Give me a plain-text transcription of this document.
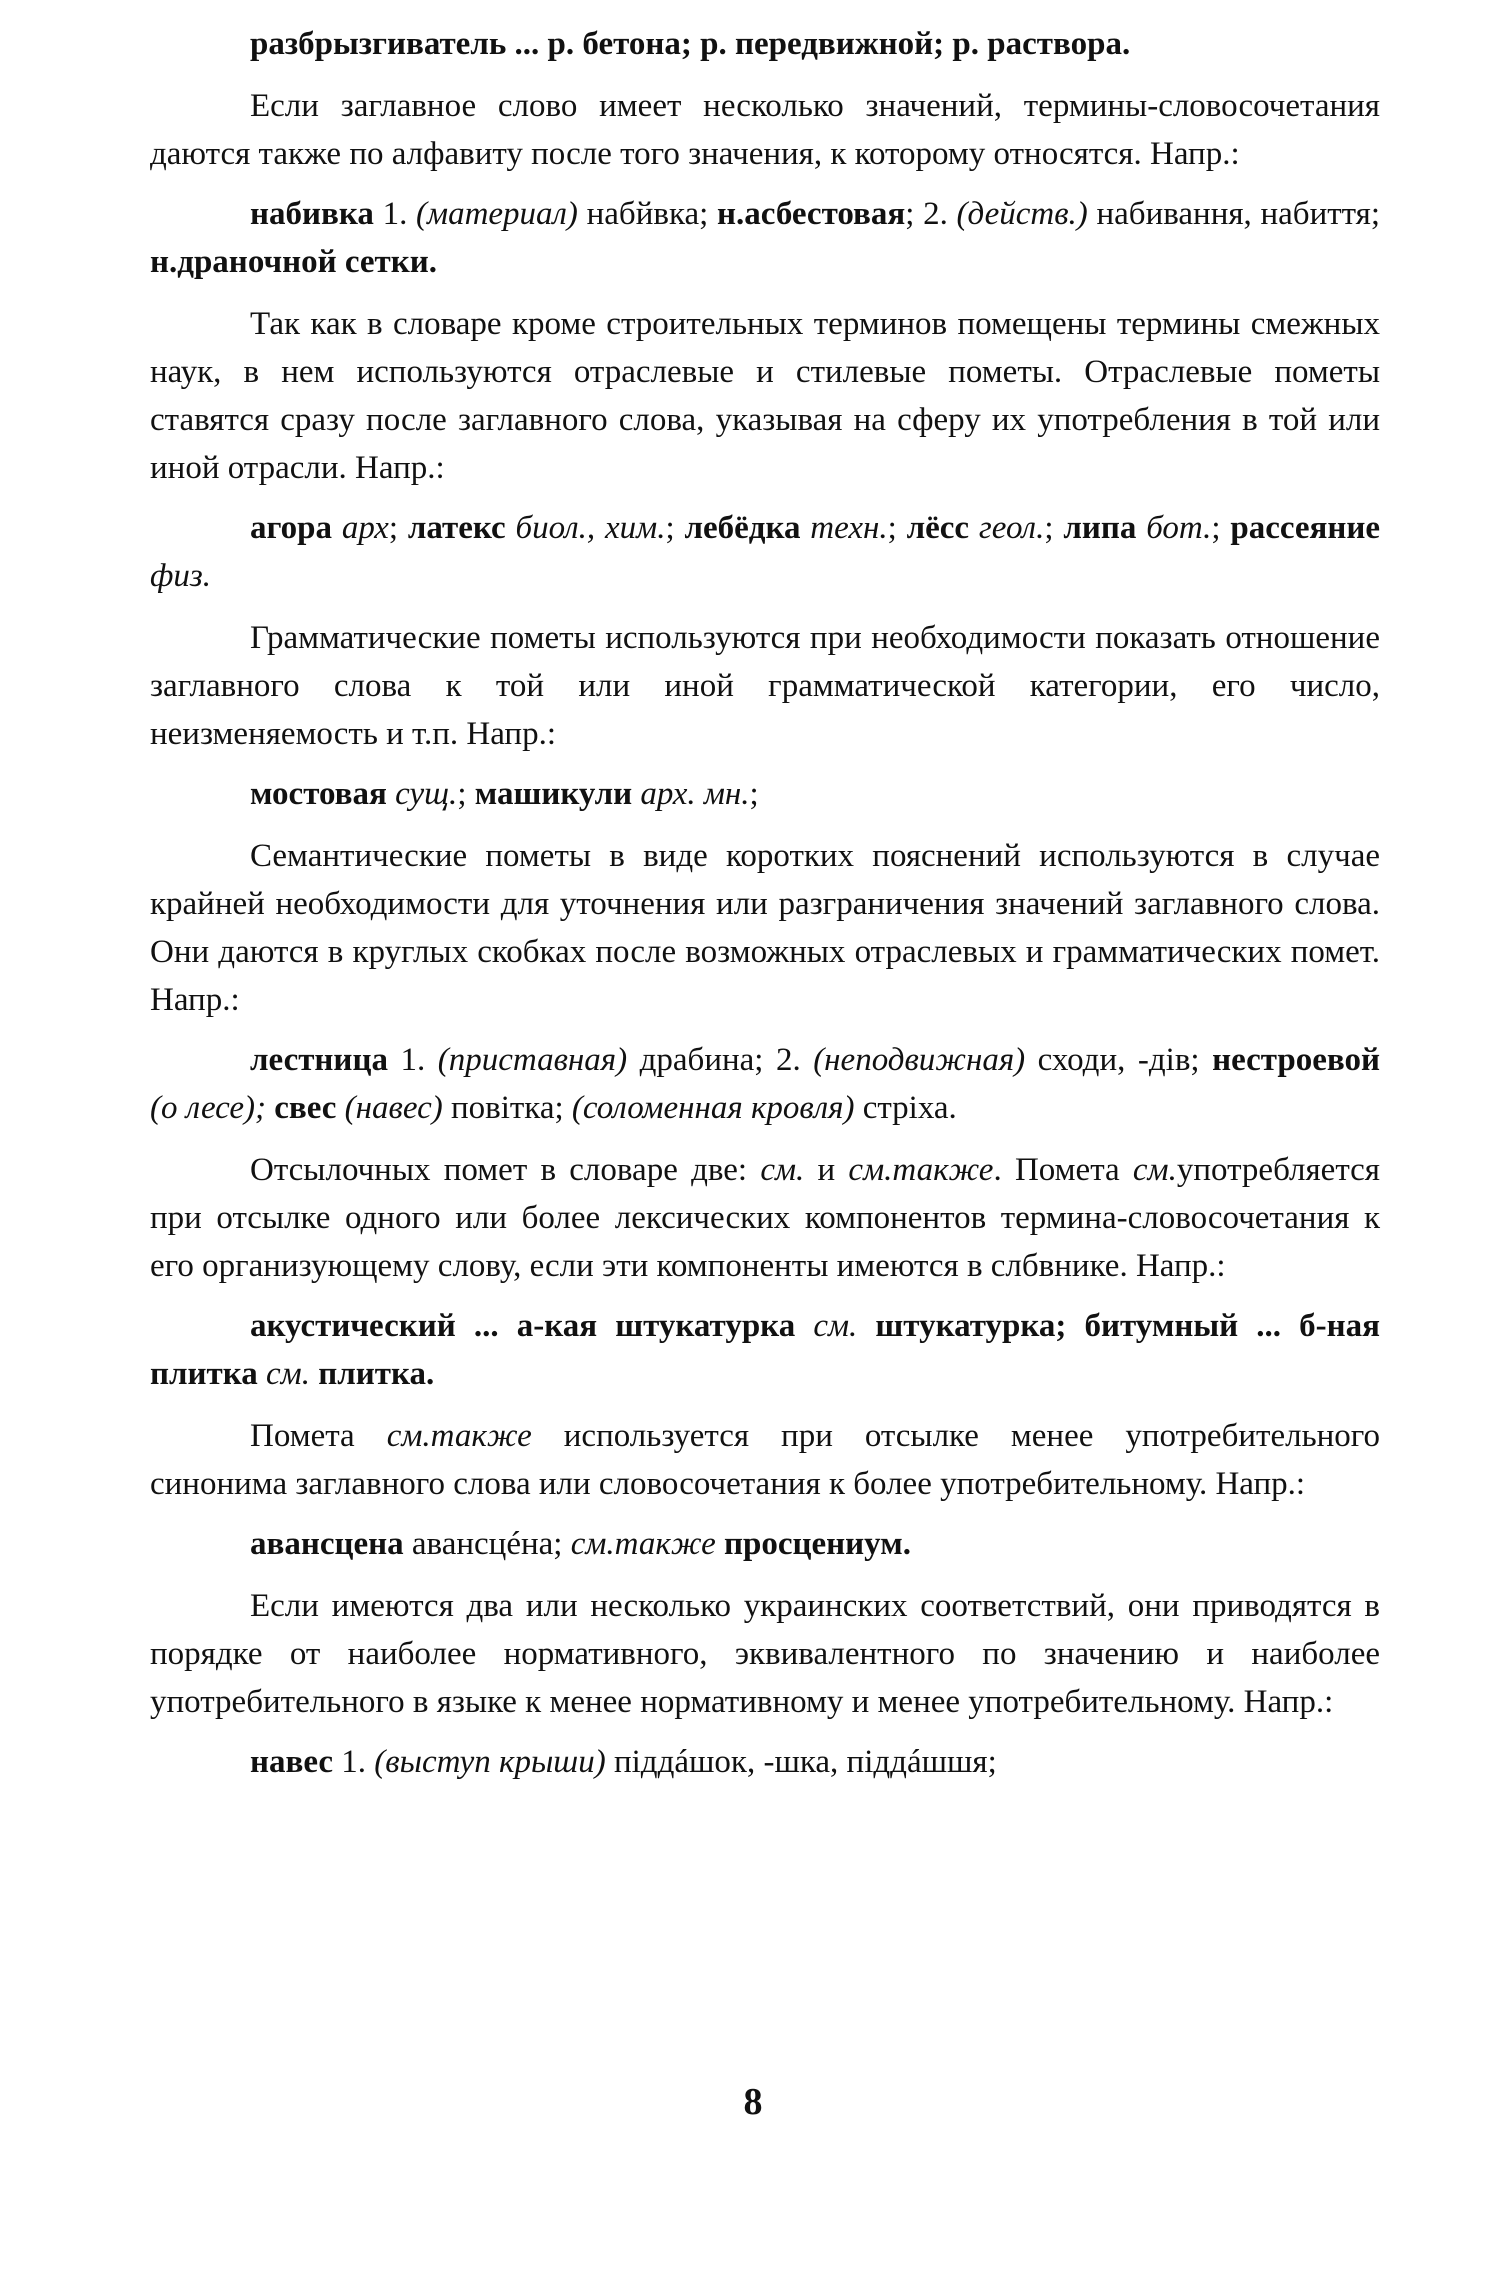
разбрызгиватель ... р. бетона; р. передвижной; р. раствора.

Если заглавное слово имеет несколько значений, термины-словосочетания даются также по алфавиту после того значения, к которому относятся. Напр.:

набивка 1. (материал) набйвка; н.асбестовая; 2. (действ.) набивання, набиття; н.драночной сетки.

Так как в словаре кроме строительных терминов помещены термины смежных наук, в нем используются отраслевые и стилевые пометы. Отраслевые пометы ставятся сразу после заглавного слова, указывая на сферу их употребления в той или иной отрасли. Напр.:

агора арх; латекс биол., хим.; лебёдка техн.; лёсс геол.; липа бот.; рассеяние физ.

Грамматические пометы используются при необходимости показать отношение заглавного слова к той или иной грамматической категории, его число, неизменяемость и т.п. Напр.:

мостовая сущ.; машикули арх. мн.;

Семантические пометы в виде коротких пояснений используются в случае крайней необходимости для уточнения или разграничения значений заглавного слова. Они даются в круглых скобках после возможных отраслевых и грамматических помет. Напр.:

лестница 1. (приставная) драбина; 2. (неподвижная) сходи, -дiв; нестроевой (о лесе); свес (навес) повiтка; (соломенная кровля) стрiха.

Отсылочных помет в словаре две: см. и см.также. Помета см.употребляется при отсылке одного или более лексических компонентов термина-словосочетания к его организующему слову, если эти компоненты имеются в слбвнике. Напр.:

акустический ... а-кая штукатурка см. штукатурка; битумный ... б-ная плитка см. плитка.

Помета см.также используется при отсылке менее употребительного синонима заглавного слова или словосочетания к более употребительному. Напр.:

авансцена авансцéна; см.также просцениум.

Если имеются два или несколько украинских соответствий, они приводятся в порядке от наиболее нормативного, эквивалентного по значению и наиболее употребительного в языке к менее нормативному и менее употребительному. Напр.:

навес 1. (выступ крыши) пiддáшок, -шка, пiддáшшя;

8
